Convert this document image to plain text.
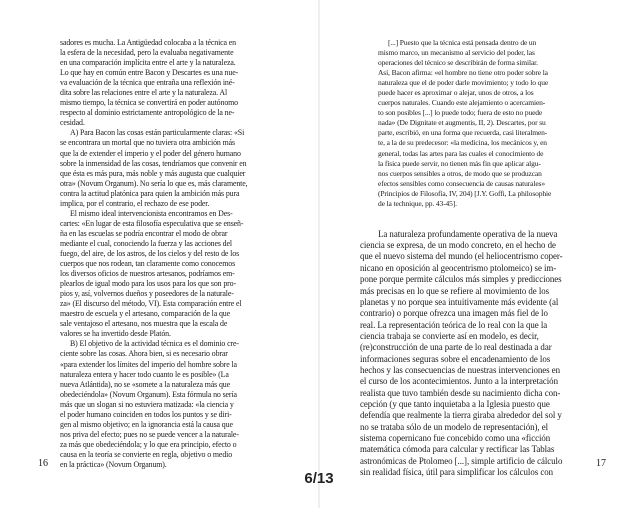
sadores es mucha. La Antigüedad colocaba a la técnica en
la esfera de la necesidad, pero la evaluaba negativamente
en una comparación implícita entre el arte y la naturaleza.
Lo que hay en común entre Bacon y Descartes es una nue-
va evaluación de la técnica que entraña una reflexión iné-
dita sobre las relaciones entre el arte y la naturaleza. Al
mismo tiempo, la técnica se convertirá en poder autónomo
respecto al dominio estrictamente antropológico de la ne-
cesidad.
A) Para Bacon las cosas están particularmente claras: «Si
se encontrara un mortal que no tuviera otra ambición más
que la de extender el imperio y el poder del género humano
sobre la inmensidad de las cosas, tendríamos que convenir en
que ésta es más pura, más noble y más augusta que cualquier
otra» (Novum Organum). No sería lo que es, más claramente,
contra la actitud platónica para quien la ambición más pura
implica, por el contrario, el rechazo de ese poder.
El mismo ideal intervencionista encontramos en Des-
cartes: «En lugar de esta filosofía especulativa que se enseñ-
ña en las escuelas se podría encontrar el modo de obrar
mediante el cual, conociendo la fuerza y las acciones del
fuego, del aire, de los astros, de los cielos y del resto de los
cuerpos que nos rodean, tan claramente como conocemos
los diversos oficios de nuestros artesanos, podríamos em-
plearlos de igual modo para los usos para los que son pro-
pios y, así, volvernos dueños y poseedores de la naturale-
za» (El discurso del método, VI). Esta comparación entre el
maestro de escuela y el artesano, comparación de la que
sale ventajoso el artesano, nos muestra que la escala de
valores se ha invertido desde Platón.
B) El objetivo de la actividad técnica es el dominio cre-
ciente sobre las cosas. Ahora bien, si es necesario obrar
«para extender los límites del imperio del hombre sobre la
naturaleza entera y hacer todo cuanto le es posible» (La
nueva Atlántida), no se «somete a la naturaleza más que
obedeciéndola» (Novum Organum). Esta fórmula no sería
más que un slogan si no estuviera matizada: «la ciencia y
el poder humano coinciden en todos los puntos y se diri-
gen al mismo objetivo; en la ignorancia está la causa que
nos priva del efecto; pues no se puede vencer a la naturale-
za más que obedeciéndola; y lo que era principio, efecto o
causa en la teoría se convierte en regla, objetivo o medio
en la práctica» (Novum Organum).
16
[...] Puesto que la técnica está pensada dentro de un
mismo marco, un mecanismo al servicio del poder, las
operaciones del técnico se describirán de forma similar.
Así, Bacon afirma: «el hombre no tiene otro poder sobre la
naturaleza que el de poder darle movimiento; y todo lo que
puede hacer es aproximar o alejar, unos de otros, a los
cuerpos naturales. Cuando este alejamiento o acercamien-
to son posibles [...] lo puede todo; fuera de esto no puede
nada» (De Dignitate et augmentis, II, 2). Descartes, por su
parte, escribió, en una forma que recuerda, casi literalmen-
te, a la de su predecesor: «la medicina, los mecánicos y, en
general, todas las artes para las cuales el conocimiento de
la física puede servir, no tienen más fin que aplicar algu-
nos cuerpos sensibles a otros, de modo que se produzcan
efectos sensibles como consecuencia de causas naturales»
(Principios de Filosofía, IV, 204) [J.Y. Goffi, La philosophie
de la technique, pp. 43-45].
La naturaleza profundamente operativa de la nueva
ciencia se expresa, de un modo concreto, en el hecho de
que el nuevo sistema del mundo (el heliocentrismo coper-
nicano en oposición al geocentrismo ptolomeico) se im-
pone porque permite cálculos más simples y predicciones
más precisas en lo que se refiere al movimiento de los
planetas y no porque sea intuitivamente más evidente (al
contrario) o porque ofrezca una imagen más fiel de lo
real. La representación teórica de lo real con la que la
ciencia trabaja se convierte así en modelo, es decir,
(re)construcción de una parte de lo real destinada a dar
informaciones seguras sobre el encadenamiento de los
hechos y las consecuencias de nuestras intervenciones en
el curso de los acontecimientos. Junto a la interpretación
realista que tuvo también desde su nacimiento dicha con-
cepción (y que tanto inquietaba a la Iglesia puesto que
defendía que realmente la tierra giraba alrededor del sol y
no se trataba sólo de un modelo de representación), el
sistema copernicano fue concebido como una «ficción
matemática cómoda para calcular y rectificar las Tablas
astronómicas de Ptolomeo [...], simple artificio de cálculo
sin realidad física, útil para simplificar los cálculos con
17
6/13
